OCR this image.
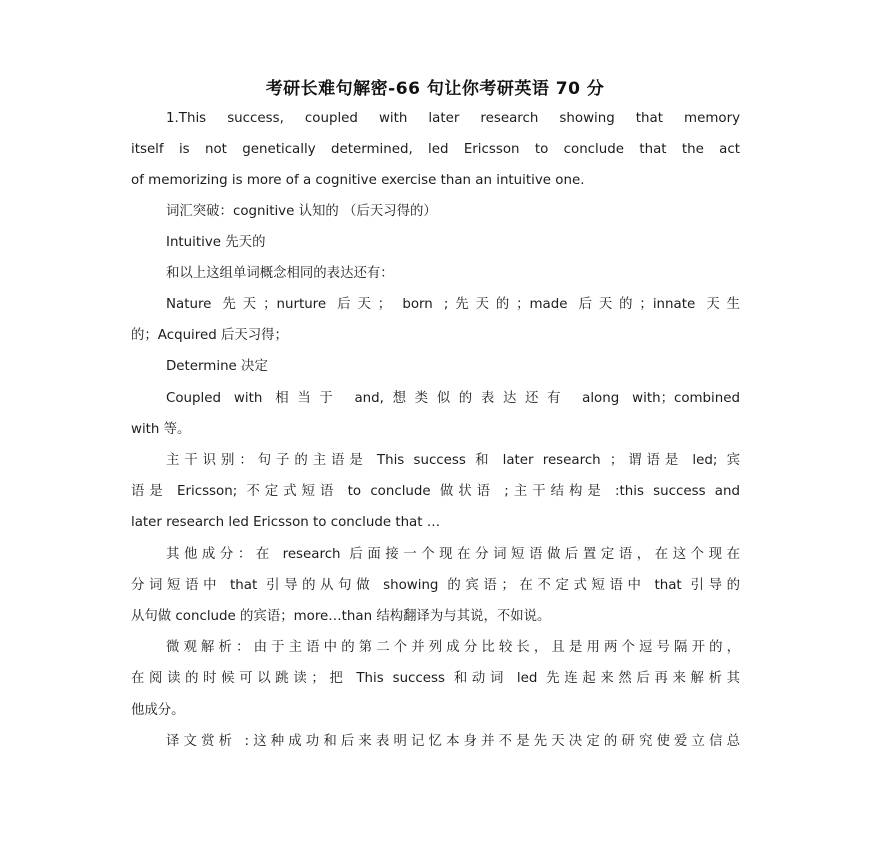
考研长难句解密-66 句让你考研英语 70 分
1.This success, coupled with later research showing that memory
itself is not genetically determined, led Ericsson to conclude that the act
of memorizing is more of a cognitive exercise than an intuitive one.
词汇突破：cognitive 认知的 （后天习得的）
Intuitive 先天的
和以上这组单词概念相同的表达还有：
Nature 先天；nurture 后天； born ;先天的；made 后天的；innate 天生
的；Acquired 后天习得；
Determine 决定
Coupled with 相当于 and,想类似的表达还有 along with；combined
with 等。
主干识别：句子的主语是 This success 和 later research ；谓语是 led; 宾
语是 Ericsson; 不定式短语 to conclude 做状语 ;主干结构是 :this success and
later research led Ericsson to conclude that …
其他成分：在 research 后面接一个现在分词短语做后置定语，在这个现在
分词短语中 that 引导的从句做 showing 的宾语；在不定式短语中 that 引导的
从句做 conclude 的宾语；more…than 结构翻译为与其说，不如说。
微观解析：由于主语中的第二个并列成分比较长，且是用两个逗号隔开的，
在阅读的时候可以跳读；把 This success 和动词 led 先连起来然后再来解析其
他成分。
译文赏析 :这种成功和后来表明记忆本身并不是先天决定的研究使爱立信总
